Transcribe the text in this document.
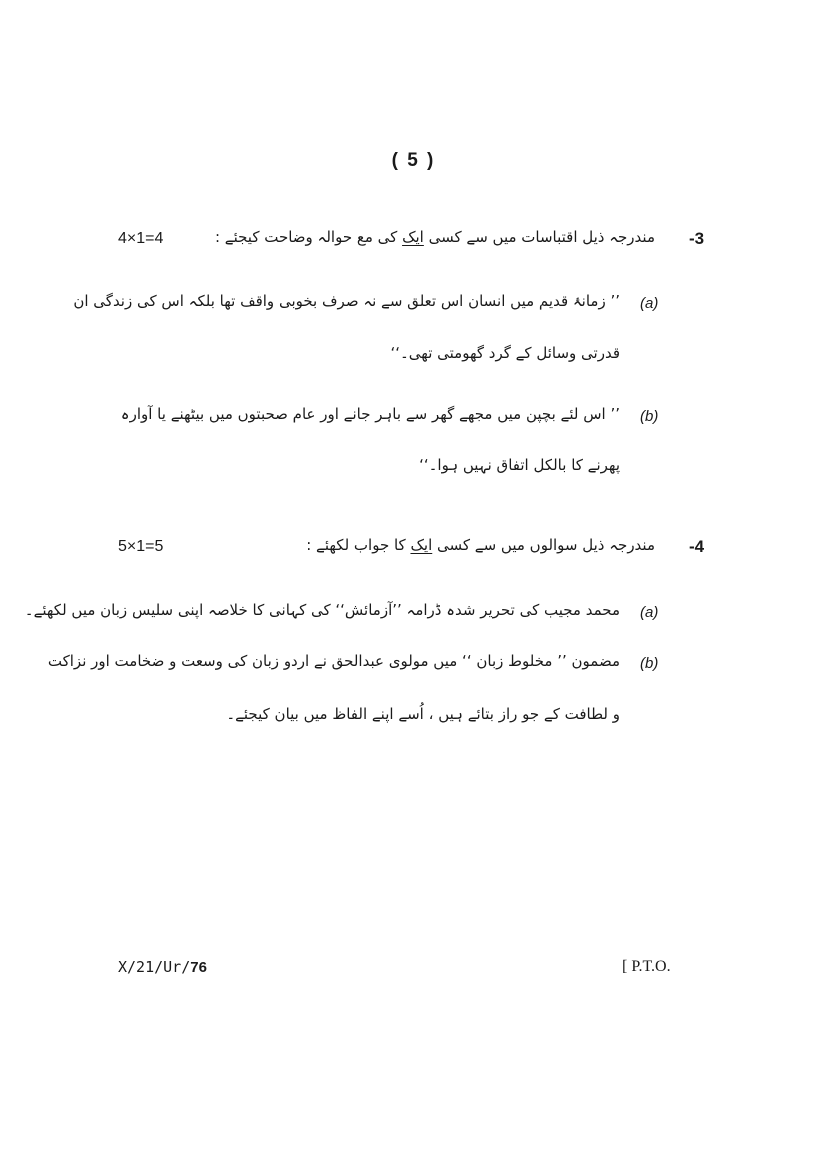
( 5 )
4×1=4	مندرجہ ذیل اقتباسات میں سے کسی ایک کی مع حوالہ وضاحت کیجئے :	-3
(a)
’’ زمانۂ قدیم میں انسان اس تعلق سے نہ صرف بخوبی واقف تھا بلکہ اس کی زندگی ان
قدرتی وسائل کے گرد گھومتی تھی۔‘‘
(b)
’’ اس لئے بچپن میں مجھے گھر سے باہر جانے اور عام صحبتوں میں بیٹھنے یا آوارہ
پھرنے کا بالکل اتفاق نہیں ہوا۔‘‘
5×1=5	مندرجہ ذیل سوالوں میں سے کسی ایک کا جواب لکھئے :	-4
(a)
محمد مجیب کی تحریر شدہ ڈرامہ ’’آزمائش‘‘ کی کہانی کا خلاصہ اپنی سلیس زبان میں لکھئے۔
(b)
مضمون ’’ مخلوط زبان ‘‘ میں مولوی عبدالحق نے اردو زبان کی وسعت و ضخامت اور نزاکت
و لطافت کے جو راز بتائے ہیں ، اُسے اپنے الفاظ میں بیان کیجئے۔
X/21/Ur/76	[ P.T.O.
